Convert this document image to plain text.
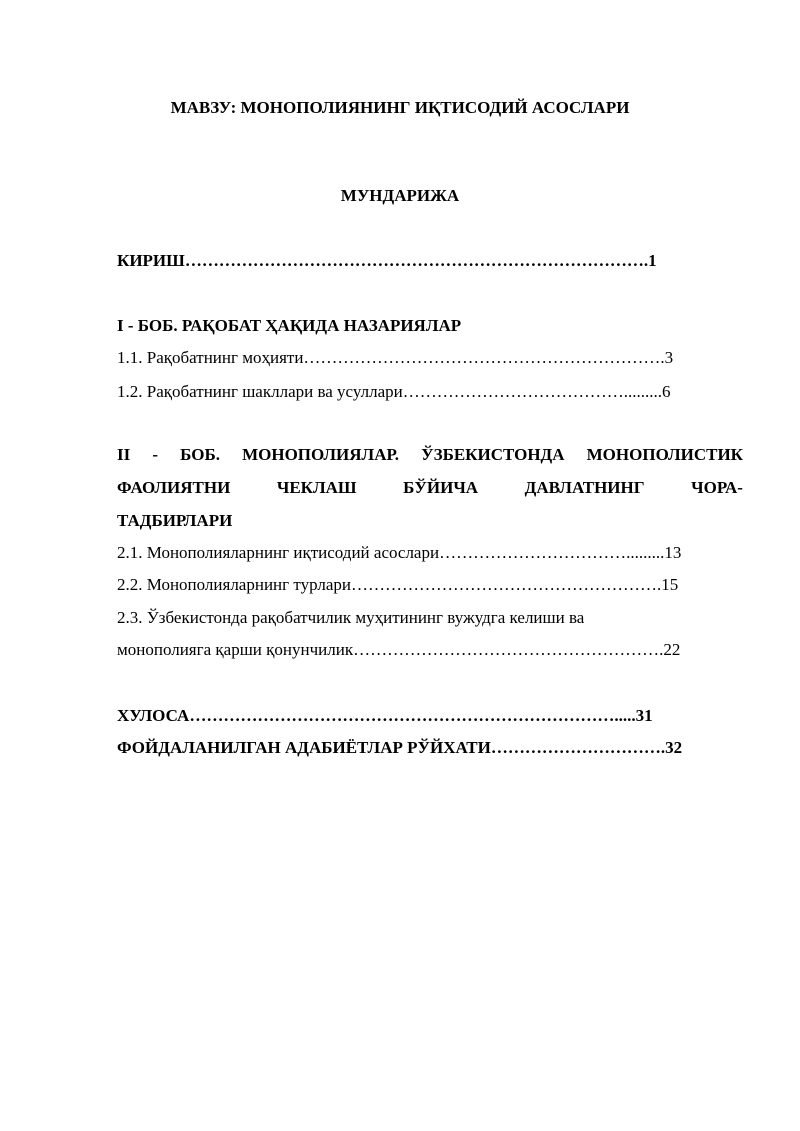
МАВЗУ: МОНОПОЛИЯНИНГ ИҚТИСОДИЙ АСОСЛАРИ
МУНДАРИЖА
КИРИШ……………………………………………………………………….1
I - БОБ. РАҚОБАТ ҲАҚИДА НАЗАРИЯЛАР
1.1. Рақобатнинг моҳияти……………………………………………………….3
1.2. Рақобатнинг шакллари ва усуллари………………………………….........6
II - БОБ. МОНОПОЛИЯЛАР. ЎЗБЕКИСТОНДА МОНОПОЛИСТИК
ФАОЛИЯТНИ	ЧЕКЛАШ	БЎЙИЧА	ДАВЛАТНИНГ	ЧОРА-
ТАДБИРЛАРИ
2.1. Монополияларнинг иқтисодий асослари…………………………….........13
2.2. Монополияларнинг турлари……………………………………………….15
2.3. Ўзбекистонда рақобатчилик муҳитининг вужудга келиши ва
монополияга қарши қонунчилик……………………………………………….22
ХУЛОСА………………………………………………………………….....31
ФОЙДАЛАНИЛГАН АДАБИЁТЛАР РЎЙХАТИ………………………….32
